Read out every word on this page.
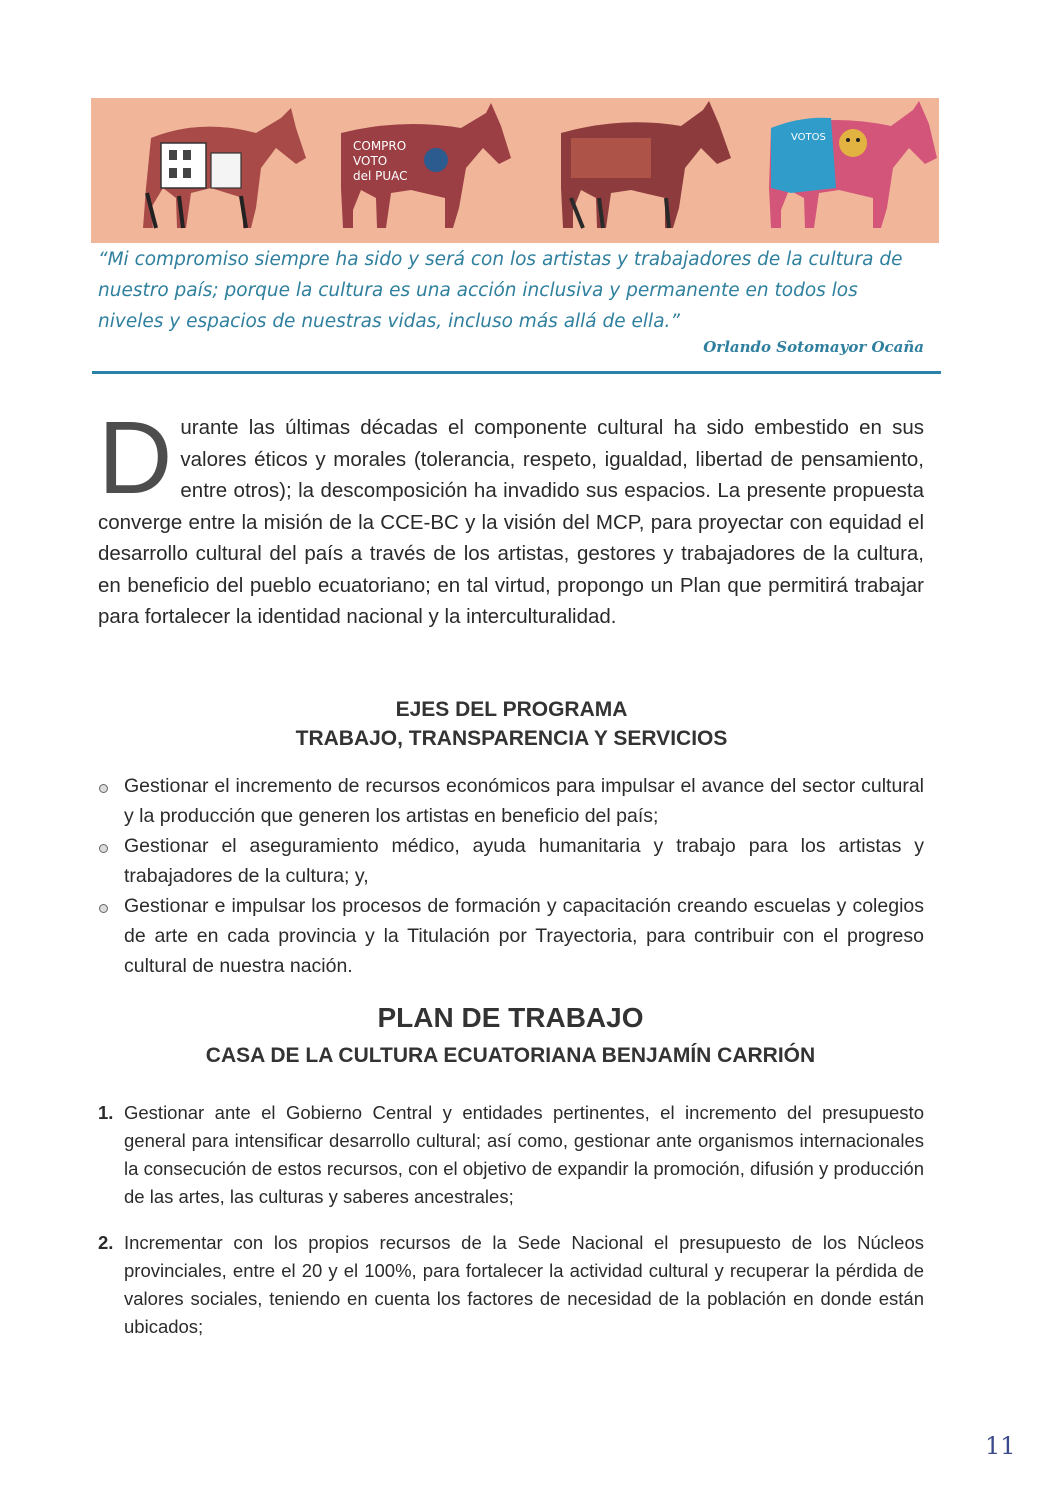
COMPRO
VOTO
del PUAC
VOTOS

“Mi compromiso siempre ha sido y será con los artistas y trabajadores de la cultura de nuestro país; porque la cultura es una acción inclusiva y permanente en todos los niveles y espacios de nuestras vidas, incluso más allá de ella.”

Orlando Sotomayor Ocaña

Durante las últimas décadas el componente cultural ha sido embestido en sus valores éticos y morales (tolerancia, respeto, igualdad, libertad de pensamiento, entre otros); la descomposición ha invadido sus espacios. La presente propuesta converge entre la misión de la CCE-BC y la visión del MCP, para proyectar con equidad el desarrollo cultural del país a través de los artistas, gestores y trabajadores de la cultura, en beneficio del pueblo ecuatoriano; en tal virtud, propongo un Plan que permitirá trabajar para fortalecer la identidad nacional y la interculturalidad.

EJES DEL PROGRAMA
TRABAJO, TRANSPARENCIA Y SERVICIOS
Gestionar el incremento de recursos económicos para impulsar el avance del sector cultural y la producción que generen los artistas en beneficio del país;
Gestionar el aseguramiento médico, ayuda humanitaria y trabajo para los artistas y trabajadores de la cultura; y,
Gestionar e impulsar los procesos de formación y capacitación creando escuelas y colegios de arte en cada provincia y la Titulación por Trayectoria, para contribuir con el progreso cultural de nuestra nación.
PLAN DE TRABAJO
CASA DE LA CULTURA ECUATORIANA BENJAMÍN CARRIÓN
1. Gestionar ante el Gobierno Central y entidades pertinentes, el incremento del presupuesto general para intensificar desarrollo cultural; así como, gestionar ante organismos internacionales la consecución de estos recursos, con el objetivo de expandir la promoción, difusión y producción de las artes, las culturas y saberes ancestrales;
2. Incrementar con los propios recursos de la Sede Nacional el presupuesto de los Núcleos provinciales, entre el 20 y el 100%, para fortalecer la actividad cultural y recuperar la pérdida de valores sociales, teniendo en cuenta los factores de necesidad de la población en donde están ubicados;

11
